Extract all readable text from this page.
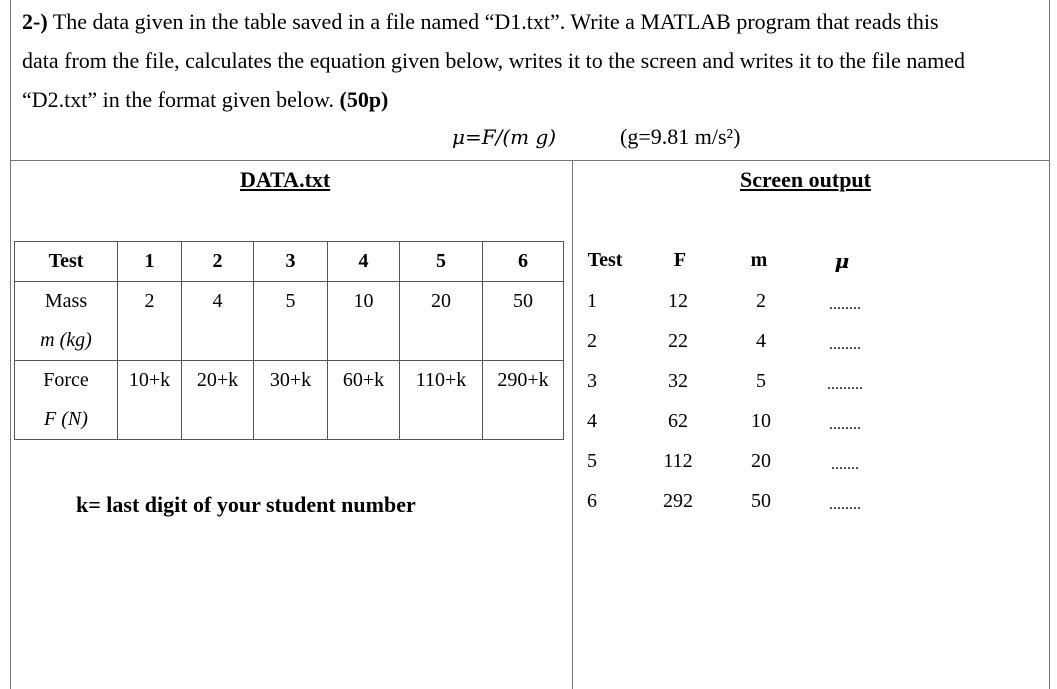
2-) The data given in the table saved in a file named “D1.txt”. Write a MATLAB program that reads this
data from the file, calculates the equation given below, writes it to the screen and writes it to the file named
“D2.txt” in the format given below. (50p)
μ=F/(m g)	(g=9.81 m/s²)
DATA.txt	Screen output
Test	1	2	3	4	5	6
Mass	2	4	5	10	20	50
m (kg)						
Force	10+k	20+k	30+k	60+k	110+k	290+k
F (N)						
k= last digit of your student number
Test	F	m	μ
1	12	2	........
2	22	4	........
3	32	5	.........
4	62	10	........
5	112	20	.......
6	292	50	........
